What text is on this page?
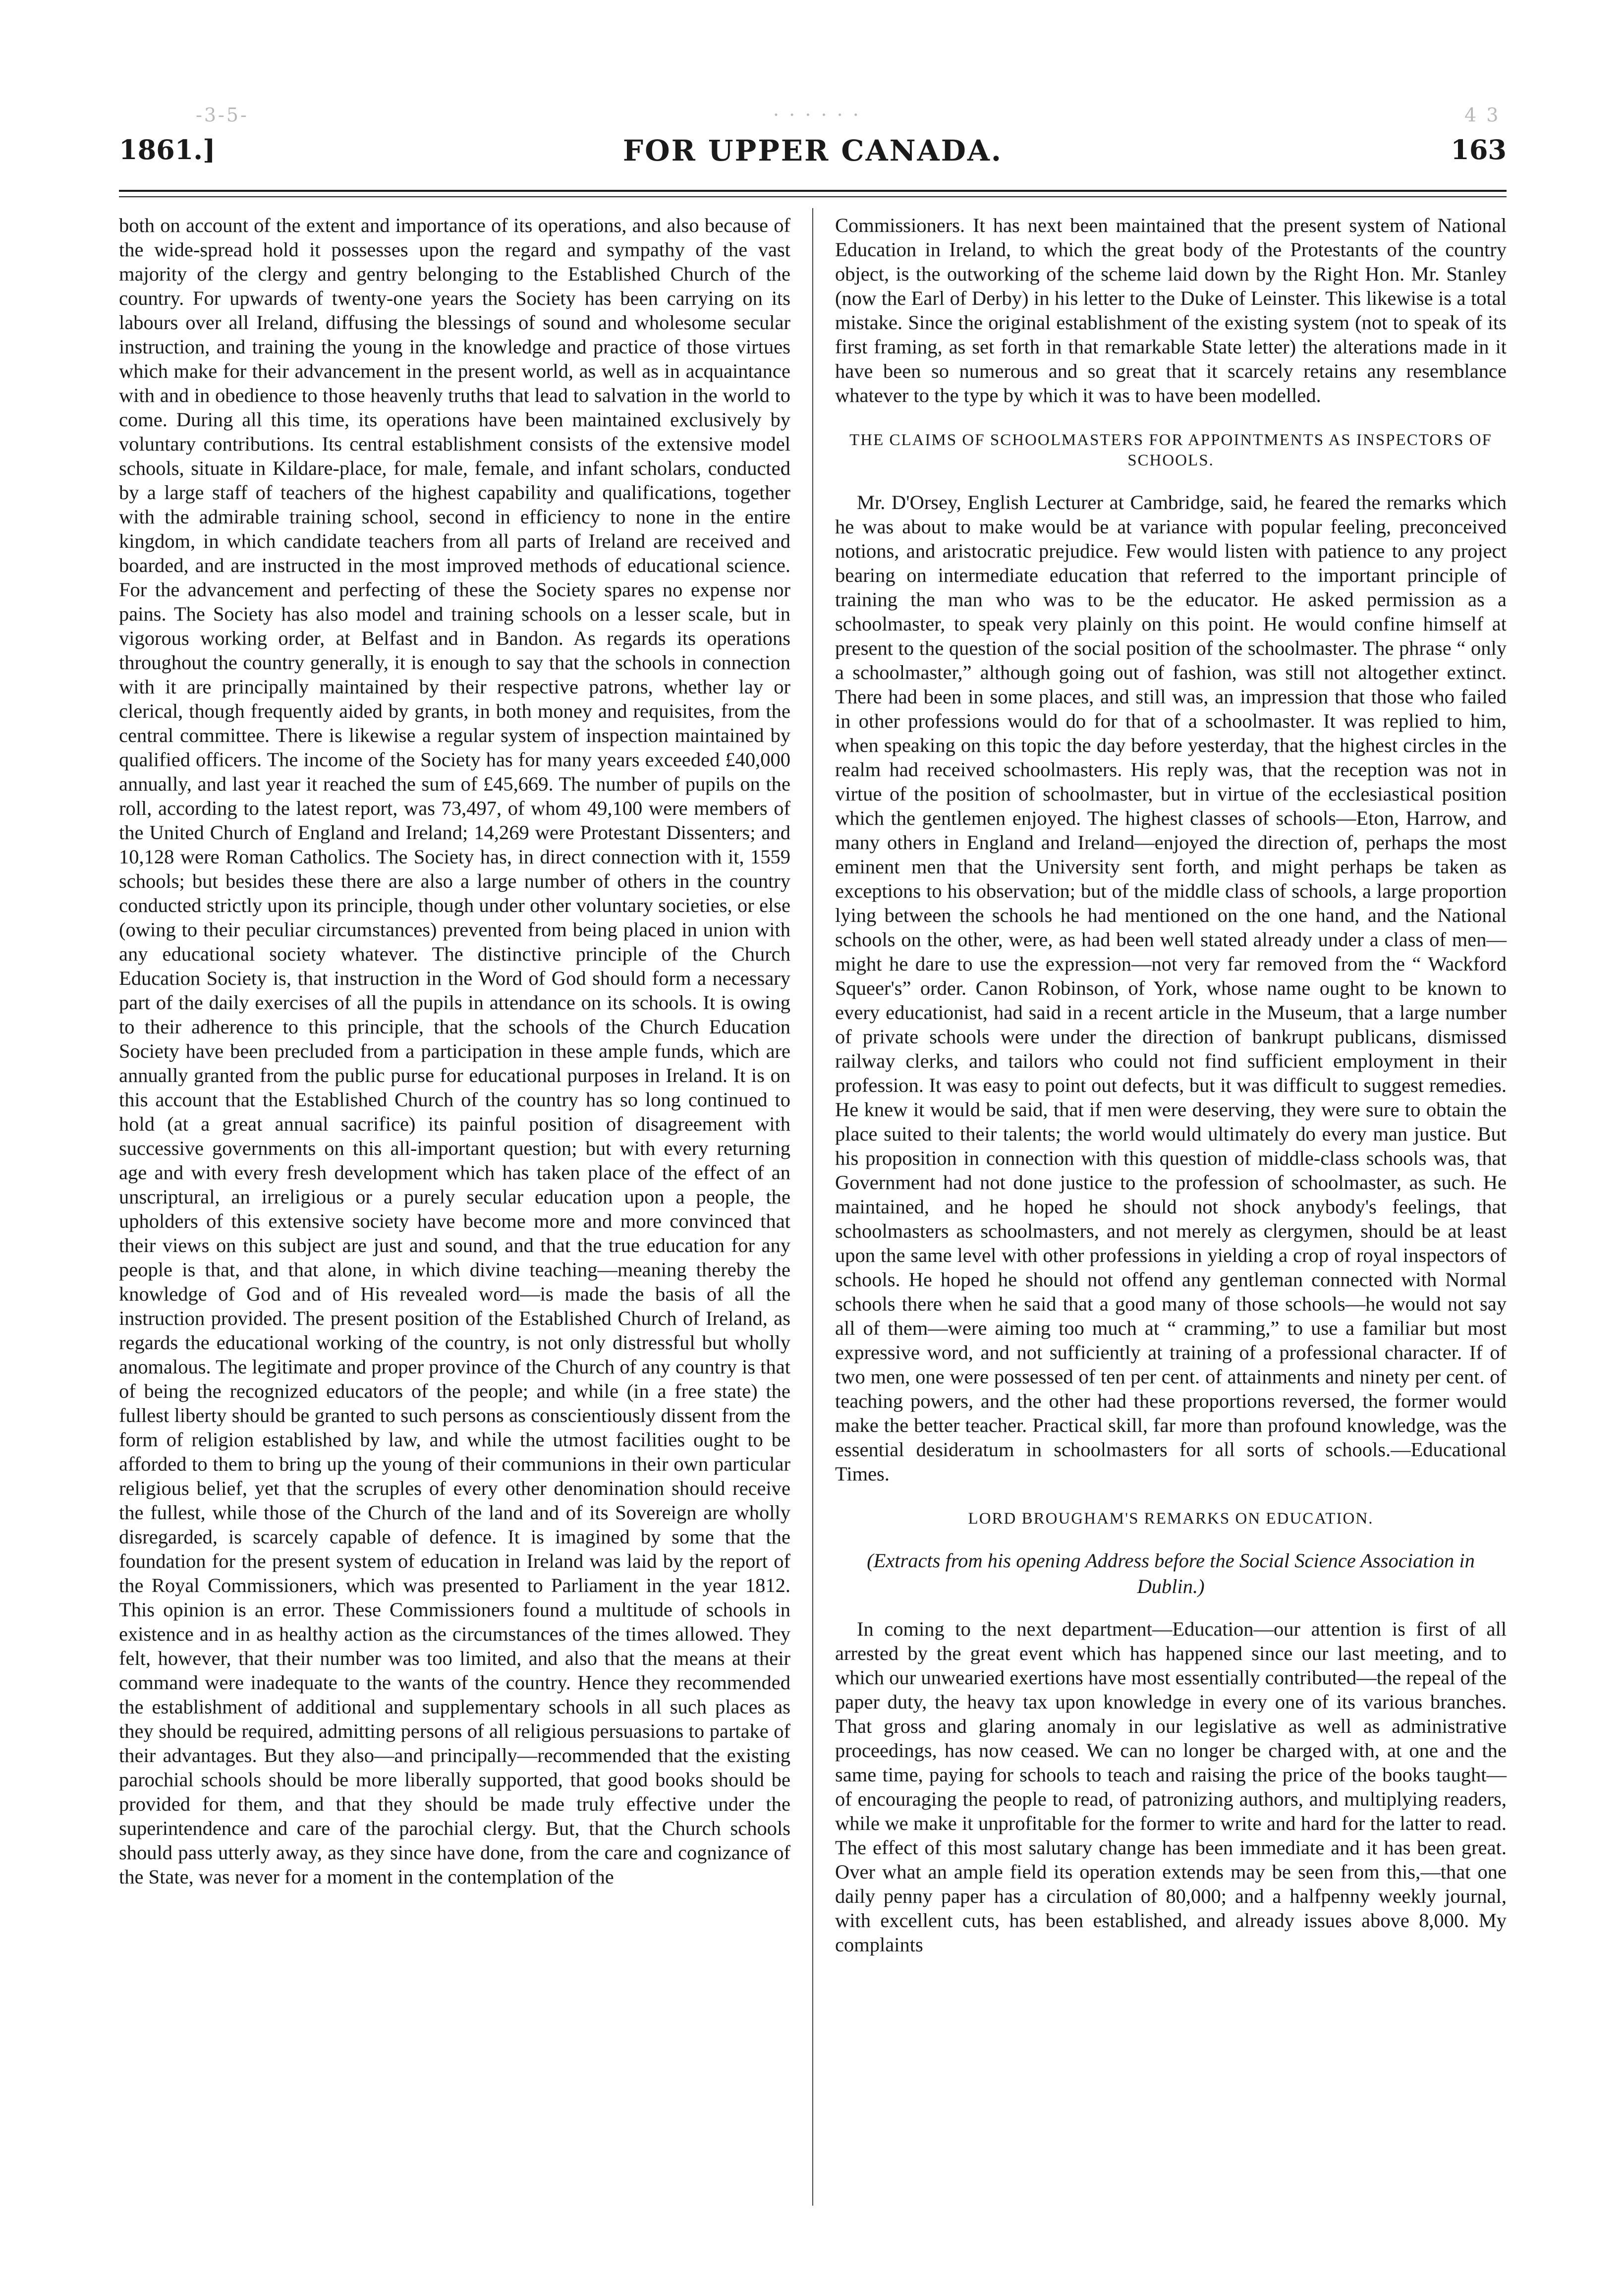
-3-5-	· · · · · ·	4 3
1861.]	FOR UPPER CANADA.	163

both on account of the extent and importance of its operations, and also because of the wide-spread hold it possesses upon the regard and sympathy of the vast majority of the clergy and gentry belonging to the Established Church of the country. For upwards of twenty-one years the Society has been carrying on its labours over all Ireland, diffusing the blessings of sound and wholesome secular instruction, and training the young in the knowledge and practice of those virtues which make for their advancement in the present world, as well as in acquaintance with and in obedience to those heavenly truths that lead to salvation in the world to come. During all this time, its operations have been maintained exclusively by voluntary contributions. Its central establishment consists of the extensive model schools, situate in Kildare-place, for male, female, and infant scholars, conducted by a large staff of teachers of the highest capability and qualifications, together with the admirable training school, second in efficiency to none in the entire kingdom, in which candidate teachers from all parts of Ireland are received and boarded, and are instructed in the most improved methods of educational science. For the advancement and perfecting of these the Society spares no expense nor pains. The Society has also model and training schools on a lesser scale, but in vigorous working order, at Belfast and in Bandon. As regards its operations throughout the country generally, it is enough to say that the schools in connection with it are principally maintained by their respective patrons, whether lay or clerical, though frequently aided by grants, in both money and requisites, from the central committee. There is likewise a regular system of inspection maintained by qualified officers. The income of the Society has for many years exceeded £40,000 annually, and last year it reached the sum of £45,669. The number of pupils on the roll, according to the latest report, was 73,497, of whom 49,100 were members of the United Church of England and Ireland; 14,269 were Protestant Dissenters; and 10,128 were Roman Catholics. The Society has, in direct connection with it, 1559 schools; but besides these there are also a large number of others in the country conducted strictly upon its principle, though under other voluntary societies, or else (owing to their peculiar circumstances) prevented from being placed in union with any educational society whatever. The distinctive principle of the Church Education Society is, that instruction in the Word of God should form a necessary part of the daily exercises of all the pupils in attendance on its schools. It is owing to their adherence to this principle, that the schools of the Church Education Society have been precluded from a participation in these ample funds, which are annually granted from the public purse for educational purposes in Ireland. It is on this account that the Established Church of the country has so long continued to hold (at a great annual sacrifice) its painful position of disagreement with successive governments on this all-important question; but with every returning age and with every fresh development which has taken place of the effect of an unscriptural, an irreligious or a purely secular education upon a people, the upholders of this extensive society have become more and more convinced that their views on this subject are just and sound, and that the true education for any people is that, and that alone, in which divine teaching—meaning thereby the knowledge of God and of His revealed word—is made the basis of all the instruction provided. The present position of the Established Church of Ireland, as regards the educational working of the country, is not only distressful but wholly anomalous. The legitimate and proper province of the Church of any country is that of being the recognized educators of the people; and while (in a free state) the fullest liberty should be granted to such persons as conscientiously dissent from the form of religion established by law, and while the utmost facilities ought to be afforded to them to bring up the young of their communions in their own particular religious belief, yet that the scruples of every other denomination should receive the fullest, while those of the Church of the land and of its Sovereign are wholly disregarded, is scarcely capable of defence. It is imagined by some that the foundation for the present system of education in Ireland was laid by the report of the Royal Commissioners, which was presented to Parliament in the year 1812. This opinion is an error. These Commissioners found a multitude of schools in existence and in as healthy action as the circumstances of the times allowed. They felt, however, that their number was too limited, and also that the means at their command were inadequate to the wants of the country. Hence they recommended the establishment of additional and supplementary schools in all such places as they should be required, admitting persons of all religious persuasions to partake of their advantages. But they also—and principally—recommended that the existing parochial schools should be more liberally supported, that good books should be provided for them, and that they should be made truly effective under the superintendence and care of the parochial clergy. But, that the Church schools should pass utterly away, as they since have done, from the care and cognizance of the State, was never for a moment in the contemplation of the

Commissioners. It has next been maintained that the present system of National Education in Ireland, to which the great body of the Protestants of the country object, is the outworking of the scheme laid down by the Right Hon. Mr. Stanley (now the Earl of Derby) in his letter to the Duke of Leinster. This likewise is a total mistake. Since the original establishment of the existing system (not to speak of its first framing, as set forth in that remarkable State letter) the alterations made in it have been so numerous and so great that it scarcely retains any resemblance whatever to the type by which it was to have been modelled.

THE CLAIMS OF SCHOOLMASTERS FOR APPOINTMENTS AS INSPECTORS OF SCHOOLS.

Mr. D'Orsey, English Lecturer at Cambridge, said, he feared the remarks which he was about to make would be at variance with popular feeling, preconceived notions, and aristocratic prejudice. Few would listen with patience to any project bearing on intermediate education that referred to the important principle of training the man who was to be the educator. He asked permission as a schoolmaster, to speak very plainly on this point. He would confine himself at present to the question of the social position of the schoolmaster. The phrase “ only a schoolmaster,” although going out of fashion, was still not altogether extinct. There had been in some places, and still was, an impression that those who failed in other professions would do for that of a schoolmaster. It was replied to him, when speaking on this topic the day before yesterday, that the highest circles in the realm had received schoolmasters. His reply was, that the reception was not in virtue of the position of schoolmaster, but in virtue of the ecclesiastical position which the gentlemen enjoyed. The highest classes of schools—Eton, Harrow, and many others in England and Ireland—enjoyed the direction of, perhaps the most eminent men that the University sent forth, and might perhaps be taken as exceptions to his observation; but of the middle class of schools, a large proportion lying between the schools he had mentioned on the one hand, and the National schools on the other, were, as had been well stated already under a class of men—might he dare to use the expression—not very far removed from the “ Wackford Squeer's” order. Canon Robinson, of York, whose name ought to be known to every educationist, had said in a recent article in the Museum, that a large number of private schools were under the direction of bankrupt publicans, dismissed railway clerks, and tailors who could not find sufficient employment in their profession. It was easy to point out defects, but it was difficult to suggest remedies. He knew it would be said, that if men were deserving, they were sure to obtain the place suited to their talents; the world would ultimately do every man justice. But his proposition in connection with this question of middle-class schools was, that Government had not done justice to the profession of schoolmaster, as such. He maintained, and he hoped he should not shock anybody's feelings, that schoolmasters as schoolmasters, and not merely as clergymen, should be at least upon the same level with other professions in yielding a crop of royal inspectors of schools. He hoped he should not offend any gentleman connected with Normal schools there when he said that a good many of those schools—he would not say all of them—were aiming too much at “ cramming,” to use a familiar but most expressive word, and not sufficiently at training of a professional character. If of two men, one were possessed of ten per cent. of attainments and ninety per cent. of teaching powers, and the other had these proportions reversed, the former would make the better teacher. Practical skill, far more than profound knowledge, was the essential desideratum in schoolmasters for all sorts of schools.—Educational Times.

LORD BROUGHAM'S REMARKS ON EDUCATION.
(Extracts from his opening Address before the Social Science Association in Dublin.)

In coming to the next department—Education—our attention is first of all arrested by the great event which has happened since our last meeting, and to which our unwearied exertions have most essentially contributed—the repeal of the paper duty, the heavy tax upon knowledge in every one of its various branches. That gross and glaring anomaly in our legislative as well as administrative proceedings, has now ceased. We can no longer be charged with, at one and the same time, paying for schools to teach and raising the price of the books taught—of encouraging the people to read, of patronizing authors, and multiplying readers, while we make it unprofitable for the former to write and hard for the latter to read. The effect of this most salutary change has been immediate and it has been great. Over what an ample field its operation extends may be seen from this,—that one daily penny paper has a circulation of 80,000; and a halfpenny weekly journal, with excellent cuts, has been established, and already issues above 8,000. My complaints
